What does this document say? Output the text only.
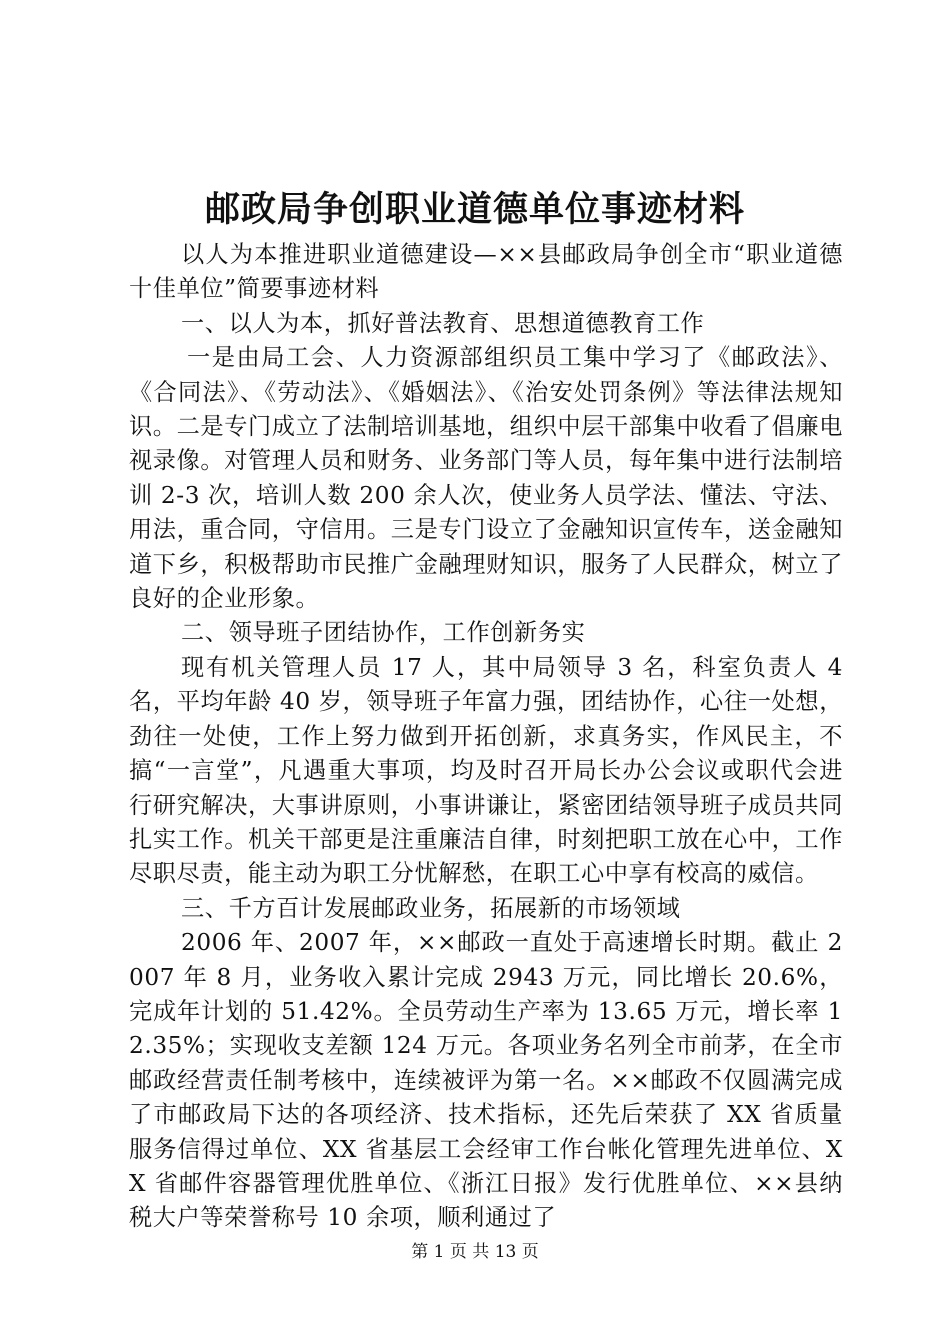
邮政局争创职业道德单位事迹材料

以人为本推进职业道德建设—××县邮政局争创全市“职业道德十佳单位”简要事迹材料

一、以人为本，抓好普法教育、思想道德教育工作

一是由局工会、人力资源部组织员工集中学习了《邮政法》、《合同法》、《劳动法》、《婚姻法》、《治安处罚条例》等法律法规知识。二是专门成立了法制培训基地，组织中层干部集中收看了倡廉电视录像。对管理人员和财务、业务部门等人员，每年集中进行法制培训 2-3 次，培训人数 200 余人次，使业务人员学法、懂法、守法、用法，重合同，守信用。三是专门设立了金融知识宣传车，送金融知道下乡，积极帮助市民推广金融理财知识，服务了人民群众，树立了良好的企业形象。

二、领导班子团结协作，工作创新务实

现有机关管理人员 17 人，其中局领导 3 名，科室负责人 4 名，平均年龄 40 岁，领导班子年富力强，团结协作，心往一处想，劲往一处使，工作上努力做到开拓创新，求真务实，作风民主，不搞“一言堂”，凡遇重大事项，均及时召开局长办公会议或职代会进行研究解决，大事讲原则，小事讲谦让，紧密团结领导班子成员共同扎实工作。机关干部更是注重廉洁自律，时刻把职工放在心中，工作尽职尽责，能主动为职工分忧解愁，在职工心中享有校高的威信。

三、千方百计发展邮政业务，拓展新的市场领域

2006 年、2007 年，××邮政一直处于高速增长时期。截止 2007 年 8 月，业务收入累计完成 2943 万元，同比增长 20.6%，完成年计划的 51.42%。全员劳动生产率为 13.65 万元，增长率 12.35%；实现收支差额 124 万元。各项业务名列全市前茅，在全市邮政经营责任制考核中，连续被评为第一名。××邮政不仅圆满完成了市邮政局下达的各项经济、技术指标，还先后荣获了 XX 省质量服务信得过单位、XX 省基层工会经审工作台帐化管理先进单位、XX 省邮件容器管理优胜单位、《浙江日报》发行优胜单位、××县纳税大户等荣誉称号 10 余项，顺利通过了

第 1 页 共 13 页
